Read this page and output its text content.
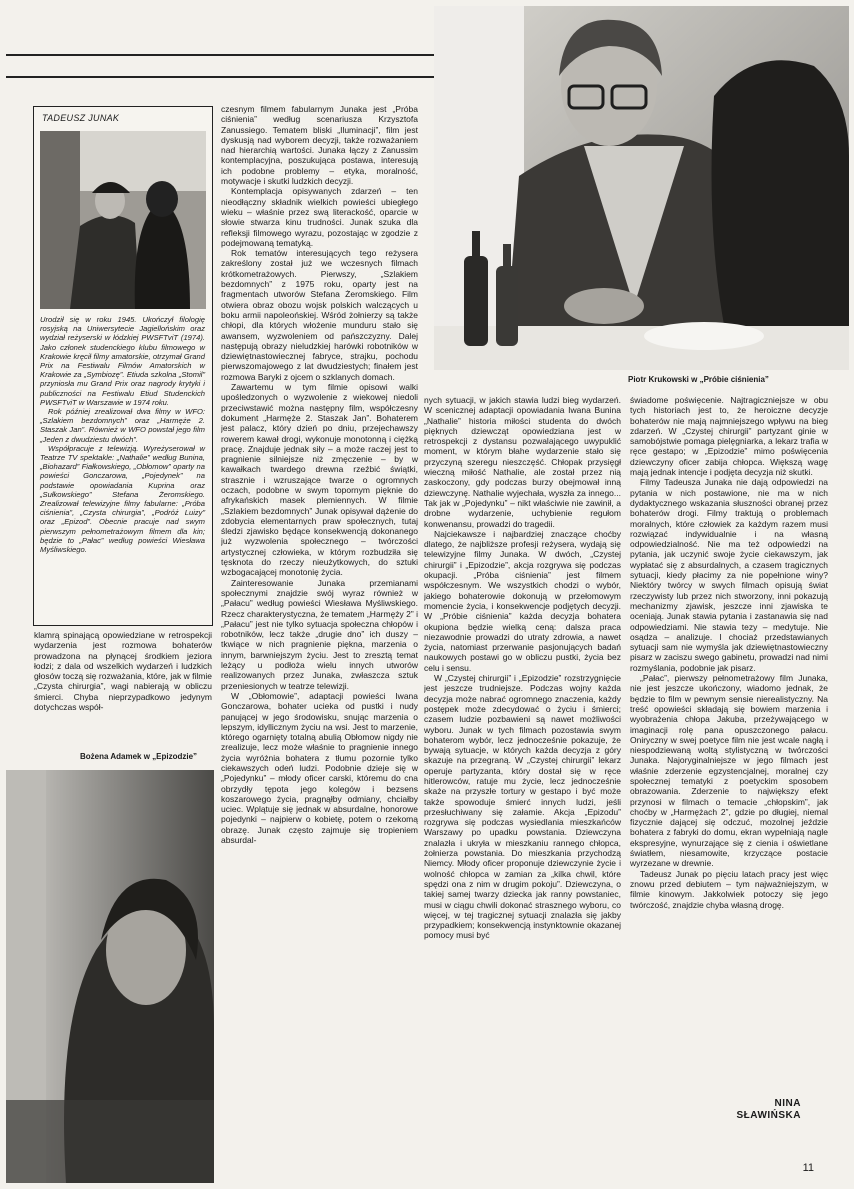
Piotr Krukowski w „Próbie ciśnienia”
TADEUSZ JUNAK

Urodził się w roku 1945. Ukończył filologię rosyjską na Uniwersytecie Jagiellońskim oraz wydział reżyserski w łódzkiej PWSFTviT (1974). Jako członek studenckiego klubu filmowego w Krakowie kręcił filmy amatorskie, otrzymał Grand Prix na Festiwalu Filmów Amatorskich w Krakowie za „Symbiozę”. Etiuda szkolna „Stomil” przyniosła mu Grand Prix oraz nagrody krytyki i publiczności na Festiwalu Etiud Studenckich PWSFTviT w Warszawie w 1974 roku.

Rok później zrealizował dwa filmy w WFO: „Szlakiem bezdomnych” oraz „Harmęże 2. Staszak Jan”. Również w WFO powstał jego film „Jeden z dwudziestu dwóch”.

Współpracuje z telewizją. Wyreżyserował w Teatrze TV spektakle: „Nathalie” według Bunina, „Biohazard” Fiałkowskiego, „Obłomow” oparty na powieści Gonczarowa, „Pojedynek” na podstawie opowiadania Kuprina oraz „Sułkowskiego” Stefana Żeromskiego. Zrealizował telewizyjne filmy fabularne: „Próba ciśnienia”, „Czysta chirurgia”, „Podróż Luizy” oraz „Epizod”. Obecnie pracuje nad swym pierwszym pełnometrażowym filmem dla kin; będzie to „Pałac” według powieści Wiesława Myśliwskiego.

klamrą spinającą opowiedziane w retrospekcji wydarzenia jest rozmowa bohaterów prowadzona na płynącej środkiem jeziora łodzi; z dala od wszelkich wydarzeń i ludzkich głosów toczą się rozważania, które, jak w filmie „Czysta chirurgia”, wagi nabierają w obliczu śmierci. Chyba nieprzypadkowo jedynym dotychczas współ-

Bożena Adamek w „Epizodzie”

czesnym filmem fabularnym Junaka jest „Próba ciśnienia” według scenariusza Krzysztofa Zanussiego. Tematem bliski „Iluminacji”, film jest dyskusją nad wyborem decyzji, także rozważaniem nad hierarchią wartości. Junaka łączy z Zanussim kontemplacyjna, poszukująca postawa, interesują ich podobne problemy – etyka, moralność, motywacje i skutki ludzkich decyzji.

Kontemplacja opisywanych zdarzeń – ten nieodłączny składnik wielkich powieści ubiegłego wieku – właśnie przez swą literackość, oparcie w słowie stwarza kinu trudności. Junak szuka dla refleksji filmowego wyrazu, pozostając w zgodzie z podejmowaną tematyką.

Rok tematów interesujących tego reżysera zakreślony został już we wczesnych filmach krótkometrażowych. Pierwszy, „Szlakiem bezdomnych” z 1975 roku, oparty jest na fragmentach utworów Stefana Żeromskiego. Film otwiera obraz obozu wojsk polskich walczących u boku armii napoleońskiej. Wśród żołnierzy są także chłopi, dla których włożenie munduru stało się awansem, wyzwoleniem od pańszczyzny. Dalej następują obrazy nieludzkiej harówki robotników w dziewiętnastowiecznej fabryce, strajku, pochodu pierwszomajowego z lat dwudziestych; finałem jest rozmowa Baryki z ojcem o szklanych domach.

Zawartemu w tym filmie opisowi walki upośledzonych o wyzwolenie z wiekowej niedoli przeciwstawić można następny film, współczesny dokument „Harmęże 2. Staszak Jan”. Bohaterem jest palacz, który dzień po dniu, przejechawszy rowerem kawał drogi, wykonuje monotonną i ciężką pracę. Znajduje jednak siły – a może raczej jest to pragnienie silniejsze niż zmęczenie – by w kawałkach twardego drewna rzeźbić świątki, strasznie i wzruszające twarze o ogromnych oczach, podobne w swym topornym pięknie do afrykańskich masek plemiennych. W filmie „Szlakiem bezdomnych” Junak opisywał dążenie do zdobycia elementarnych praw społecznych, tutaj śledzi zjawisko będące konsekwencją dokonanego już wyzwolenia społecznego – twórczości artystycznej człowieka, w którym rozbudziła się tęsknota do rzeczy nieużytkowych, do sztuki wzbogacającej monotonię życia.

Zainteresowanie Junaka przemianami społecznymi znajdzie swój wyraz również w „Pałacu” według powieści Wiesława Myśliwskiego. Rzecz charakterystyczna, że tematem „Harmęży 2” i „Pałacu” jest nie tylko sytuacja społeczna chłopów i robotników, lecz także „drugie dno” ich duszy – tkwiące w nich pragnienie piękna, marzenia o innym, barwniejszym życiu. Jest to zresztą temat leżący u podłoża wielu innych utworów realizowanych przez Junaka, zwłaszcza sztuk przeniesionych w teatrze telewizji.

W „Obłomowie”, adaptacji powieści Iwana Gonczarowa, bohater ucieka od pustki i nudy panującej w jego środowisku, snując marzenia o lepszym, idyllicznym życiu na wsi. Jest to marzenie, którego ogarnięty totalną abulią Obłomow nigdy nie zrealizuje, lecz może właśnie to pragnienie innego życia wyróżnia bohatera z tłumu pozornie tylko ciekawszych odeń ludzi. Podobnie dzieje się w „Pojedynku” – młody oficer carski, któremu do cna obrzydły tępota jego kolegów i bezsens koszarowego życia, pragnąłby odmiany, chciałby uciec. Wplątuje się jednak w absurdalne, honorowe pojedynki – najpierw o kobietę, potem o rzekomą obrazę. Junak często zajmuje się tropieniem absurdal-

nych sytuacji, w jakich stawia ludzi bieg wydarzeń. W scenicznej adaptacji opowiadania Iwana Bunina „Nathalie” historia miłości studenta do dwóch pięknych dziewcząt opowiedziana jest w retrospekcji z dystansu pozwalającego uwypuklić moment, w którym błahe wydarzenie stało się przyczyną szeregu nieszczęść. Chłopak przysięgł wieczną miłość Nathalie, ale został przez nią zaskoczony, gdy podczas burzy obejmował inną dziewczynę. Nathalie wyjechała, wyszła za innego... Tak jak w „Pojedynku” – nikt właściwie nie zawinił, a drobne wydarzenie, uchybienie regułom konwenansu, prowadzi do tragedii.

Najciekawsze i najbardziej znaczące choćby dlatego, że najbliższe profesji reżysera, wydają się telewizyjne filmy Junaka. W dwóch, „Czystej chirurgii” i „Epizodzie”, akcja rozgrywa się podczas okupacji. „Próba ciśnienia” jest filmem współczesnym. We wszystkich chodzi o wybór, jakiego bohaterowie dokonują w przełomowym momencie życia, i konsekwencje podjętych decyzji. W „Próbie ciśnienia” każda decyzja bohatera okupiona będzie wielką ceną: dalsza praca niezawodnie prowadzi do utraty zdrowia, a nawet życia, natomiast przerwanie pasjonujących badań naukowych postawi go w obliczu pustki, życia bez celu i sensu.

W „Czystej chirurgii” i „Epizodzie” rozstrzygnięcie jest jeszcze trudniejsze. Podczas wojny każda decyzja może nabrać ogromnego znaczenia, każdy postępek może zdecydować o życiu i śmierci; czasem ludzie pozbawieni są nawet możliwości wyboru. Junak w tych filmach pozostawia swym bohaterom wybór, lecz jednocześnie pokazuje, że bywają sytuacje, w których każda decyzja z góry skazuje na przegraną. W „Czystej chirurgii” lekarz operuje partyzanta, który dostał się w ręce hitlerowców, ratuje mu życie, lecz jednocześnie skaże na przyszłe tortury w gestapo i być może także spowoduje śmierć innych ludzi, jeśli przesłuchiwany się załamie. Akcja „Epizodu” rozgrywa się podczas wysiedlania mieszkańców Warszawy po upadku powstania. Dziewczyna znalazła i ukryła w mieszkaniu rannego chłopca, żołnierza powstania. Do mieszkania przychodzą Niemcy. Młody oficer proponuje dziewczynie życie i wolność chłopca w zamian za „kilka chwil, które spędzi ona z nim w drugim pokoju”. Dziewczyna, o takiej samej twarzy dziecka jak ranny powstaniec, musi w ciągu chwili dokonać strasznego wyboru, co więcej, w tej tragicznej sytuacji znalazła się jakby przypadkiem; konsekwencją instynktownie okazanej pomocy musi być

świadome poświęcenie. Najtragiczniejsze w obu tych historiach jest to, że heroiczne decyzje bohaterów nie mają najmniejszego wpływu na bieg zdarzeń. W „Czystej chirurgii” partyzant ginie w samobójstwie pomaga pielęgniarka, a lekarz trafia w ręce gestapo; w „Epizodzie” mimo poświęcenia dziewczyny oficer zabija chłopca. Większą wagę mają jednak intencje i podjęta decyzja niż skutki.

Filmy Tadeusza Junaka nie dają odpowiedzi na pytania w nich postawione, nie ma w nich dydaktycznego wskazania słuszności obranej przez bohaterów drogi. Filmy traktują o problemach moralnych, które człowiek za każdym razem musi rozwiązać indywidualnie i na własną odpowiedzialność. Nie ma też odpowiedzi na pytania, jak uczynić swoje życie ciekawszym, jak wypłatać się z absurdalnych, a czasem tragicznych sytuacji, kiedy płacimy za nie popełnione winy? Niektóry twórcy w swych filmach opisują świat rzeczywisty lub przez nich stworzony, inni pokazują mechanizmy zjawisk, jeszcze inni zjawiska te oceniają. Junak stawia pytania i zastanawia się nad odpowiedziami. Nie stawia tezy – medytuje. Nie osądza – analizuje. I chociaż przedstawianych sytuacji sam nie wymyśla jak dziewiętnastowieczny pisarz w zaciszu swego gabinetu, prowadzi nad nimi rozmyślania, podobnie jak pisarz.

„Pałac”, pierwszy pełnometrażowy film Junaka, nie jest jeszcze ukończony, wiadomo jednak, że będzie to film w pewnym sensie nierealistyczny. Na treść opowieści składają się bowiem marzenia i wyobrażenia chłopa Jakuba, przeżywającego w imaginacji rolę pana opuszczonego pałacu. Oniryczny w swej poetyce film nie jest wcale nagłą i niespodziewaną woltą stylistyczną w twórczości Junaka. Najoryginalniejsze w jego filmach jest właśnie zderzenie egzystencjalnej, moralnej czy społecznej tematyki z poetyckim sposobem obrazowania. Zderzenie to największy efekt przynosi w filmach o temacie „chłopskim”, jak choćby w „Harmężach 2”, gdzie po długiej, niemal fizycznie dającej się odczuć, mozolnej jeździe bohatera z fabryki do domu, ekran wypełniają nagle ekspresyjne, wynurzające się z cienia i oświetlane światłem, niesamowite, krzyczące postacie wyrzezane w drewnie.

Tadeusz Junak po pięciu latach pracy jest więc znowu przed debiutem – tym najważniejszym, w filmie kinowym. Jakkolwiek potoczy się jego twórczość, znajdzie chyba własną drogę.

NINA
SŁAWIŃSKA
11
